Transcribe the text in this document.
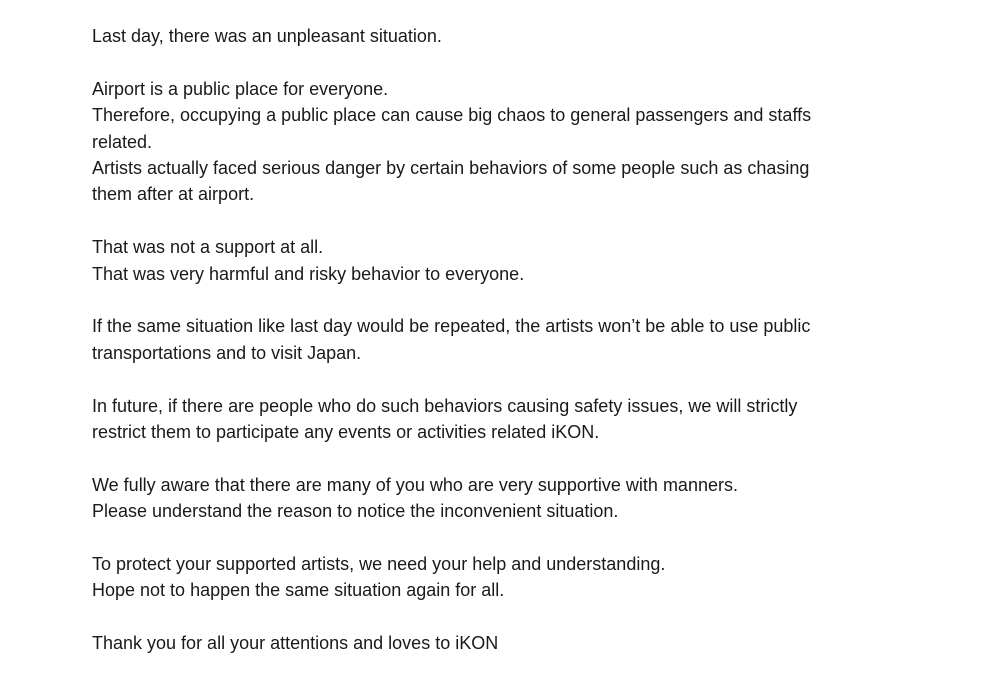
Last day, there was an unpleasant situation.

Airport is a public place for everyone.
Therefore, occupying a public place can cause big chaos to general passengers and staffs
related.
Artists actually faced serious danger by certain behaviors of some people such as chasing
them after at airport.

That was not a support at all.
That was very harmful and risky behavior to everyone.

If the same situation like last day would be repeated, the artists won’t be able to use public
transportations and to visit Japan.

In future, if there are people who do such behaviors causing safety issues, we will strictly
restrict them to participate any events or activities related iKON.

We fully aware that there are many of you who are very supportive with manners.
Please understand the reason to notice the inconvenient situation.

To protect your supported artists, we need your help and understanding.
Hope not to happen the same situation again for all.

Thank you for all your attentions and loves to iKON
